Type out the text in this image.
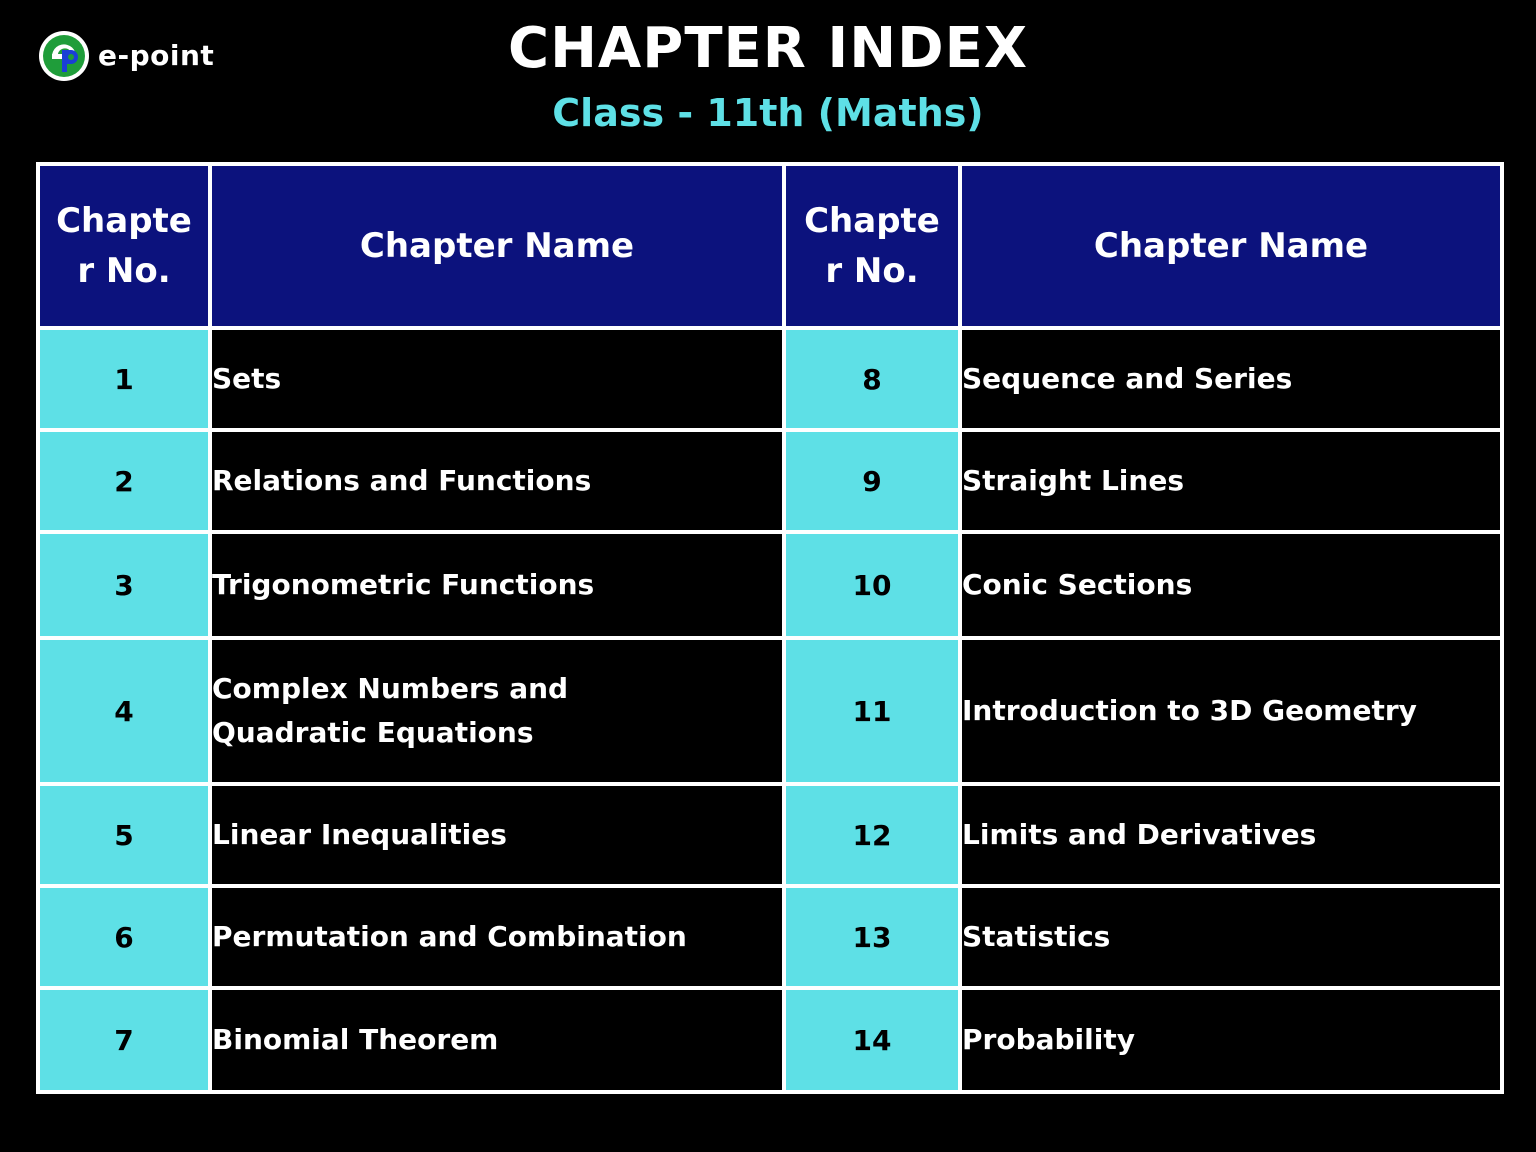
e-point	CHAPTER INDEX
Class - 11th (Maths)
Chapter No.	Chapter Name	Chapter No.	Chapter Name
1	Sets	8	Sequence and Series
2	Relations and Functions	9	Straight Lines
3	Trigonometric Functions	10	Conic Sections
4	Complex Numbers and Quadratic Equations	11	Introduction to 3D Geometry
5	Linear Inequalities	12	Limits and Derivatives
6	Permutation and Combination	13	Statistics
7	Binomial Theorem	14	Probability
